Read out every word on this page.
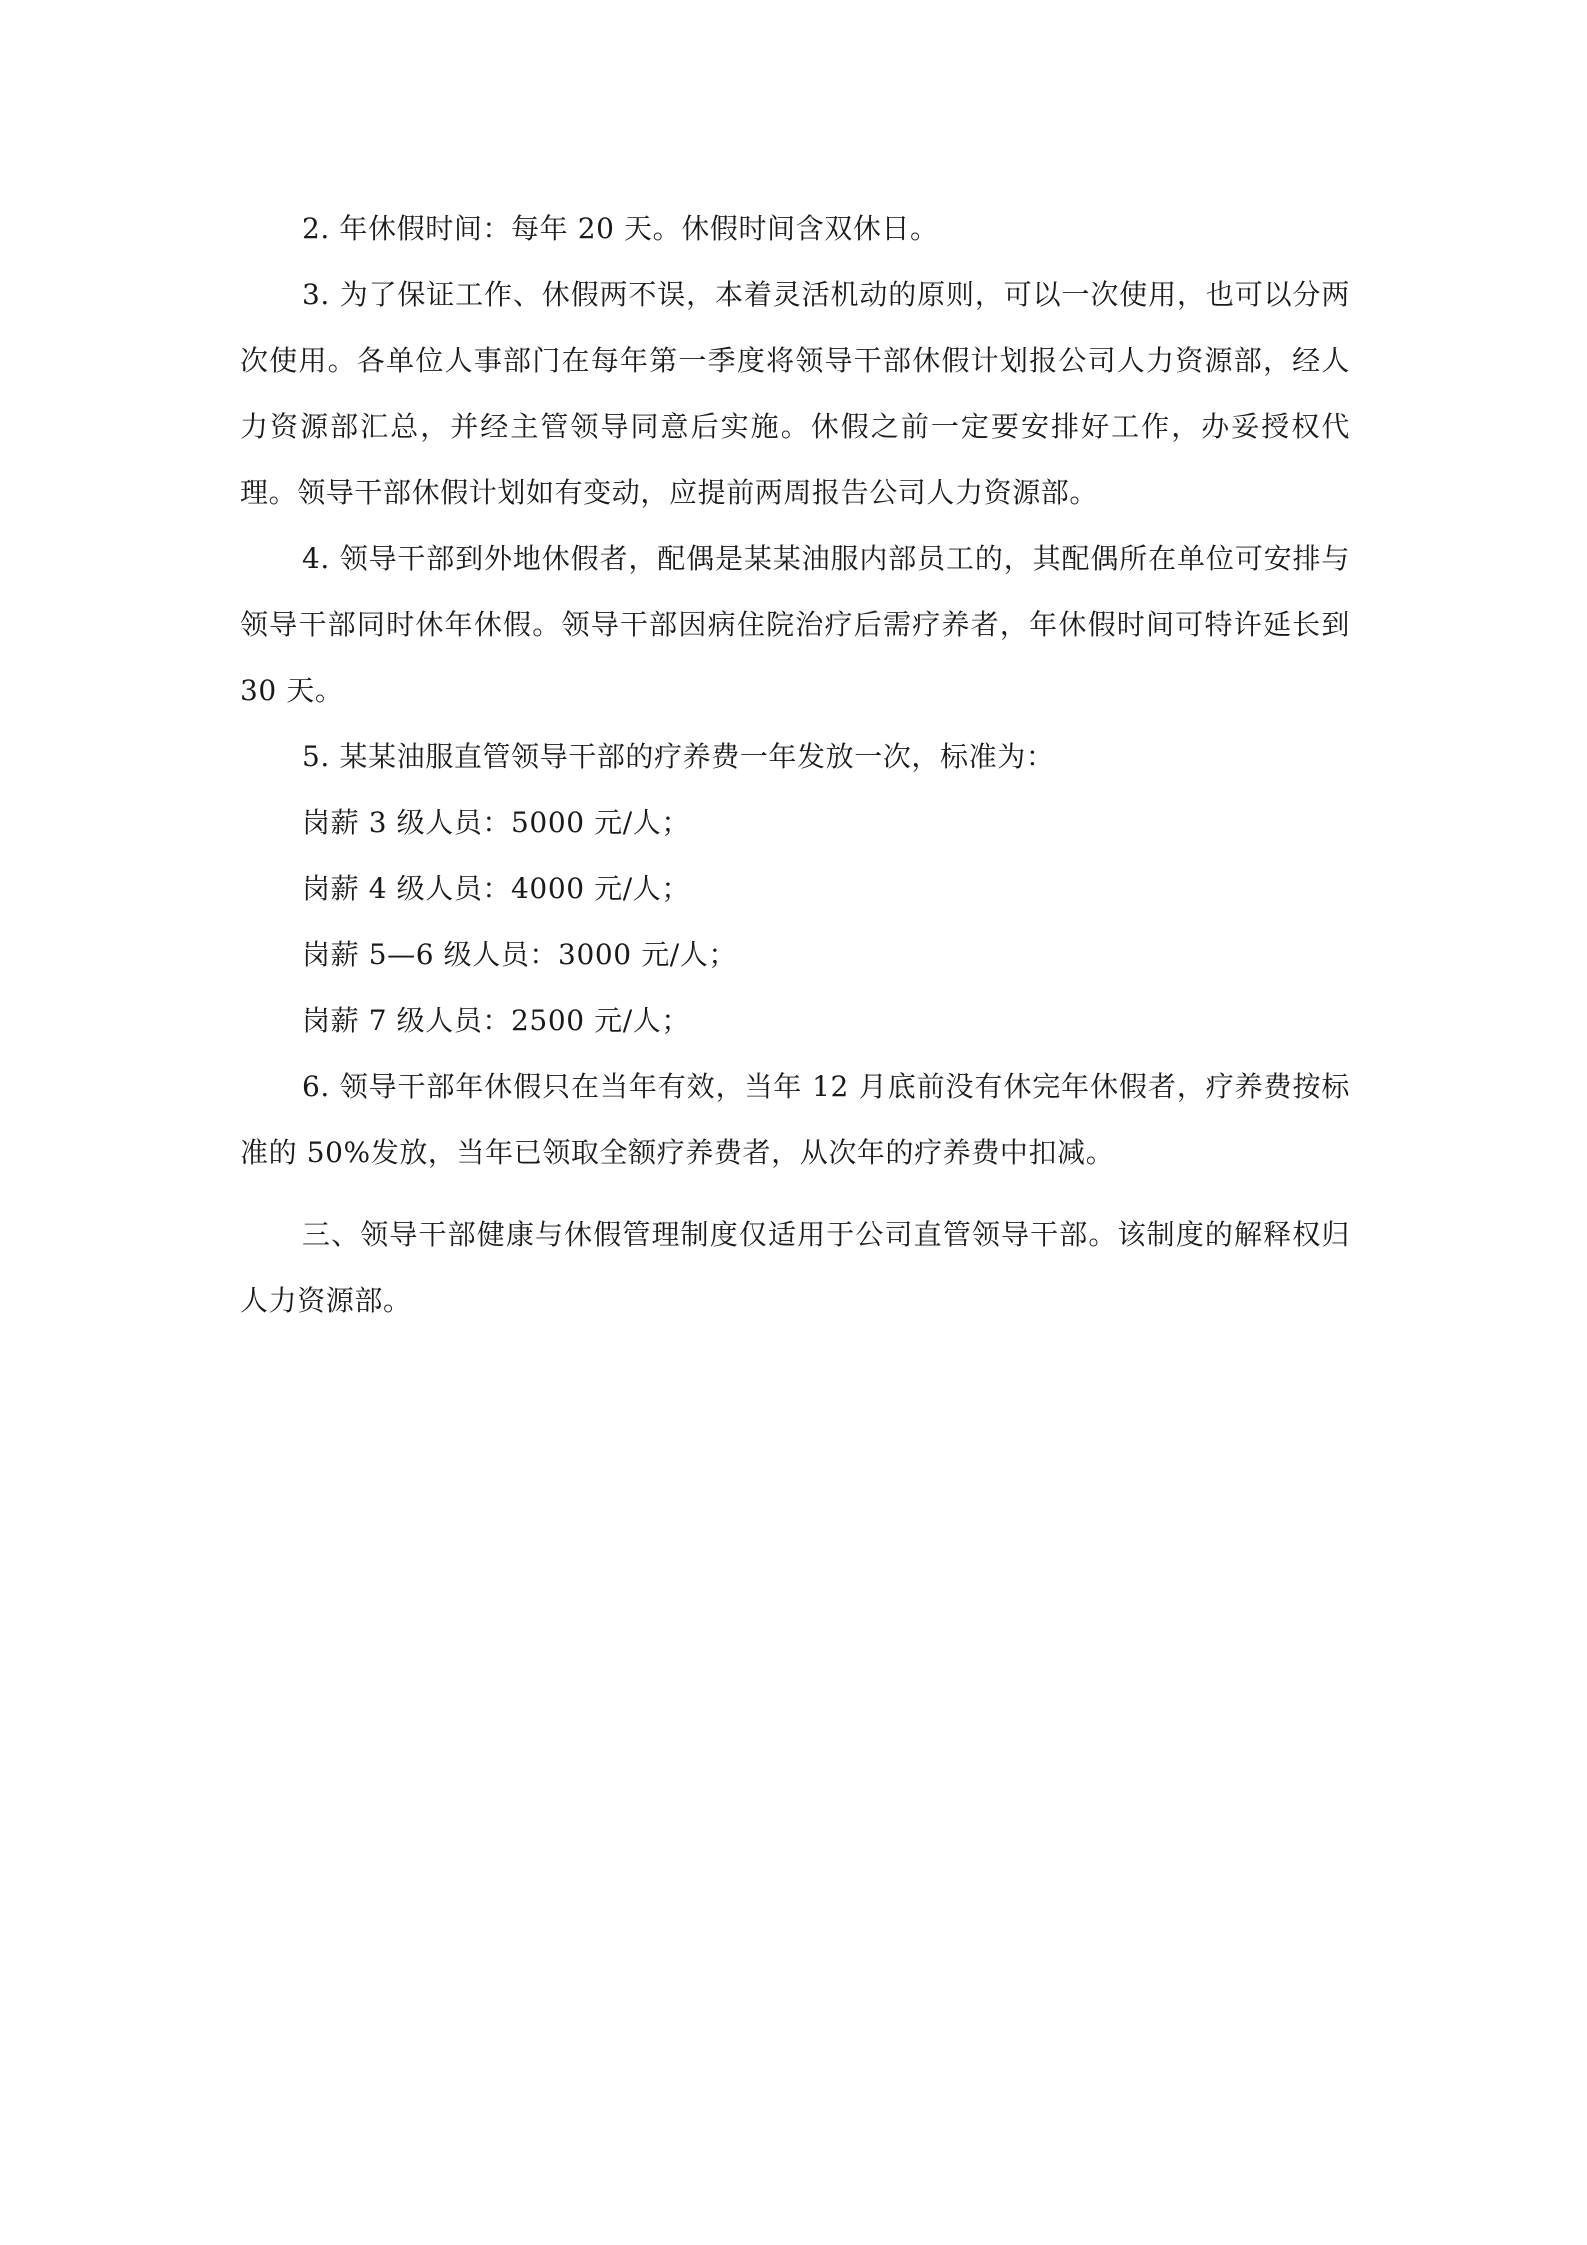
2. 年休假时间：每年 20 天。休假时间含双休日。

3. 为了保证工作、休假两不误，本着灵活机动的原则，可以一次使用，也可以分两次使用。各单位人事部门在每年第一季度将领导干部休假计划报公司人力资源部，经人力资源部汇总，并经主管领导同意后实施。休假之前一定要安排好工作，办妥授权代理。领导干部休假计划如有变动，应提前两周报告公司人力资源部。

4. 领导干部到外地休假者，配偶是某某油服内部员工的，其配偶所在单位可安排与领导干部同时休年休假。领导干部因病住院治疗后需疗养者，年休假时间可特许延长到 30 天。

5. 某某油服直管领导干部的疗养费一年发放一次，标准为：

岗薪 3 级人员：5000 元/人；

岗薪 4 级人员：4000 元/人；

岗薪 5—6 级人员：3000 元/人；

岗薪 7 级人员：2500 元/人；

6. 领导干部年休假只在当年有效，当年 12 月底前没有休完年休假者，疗养费按标准的 50%发放，当年已领取全额疗养费者，从次年的疗养费中扣减。

三、领导干部健康与休假管理制度仅适用于公司直管领导干部。该制度的解释权归人力资源部。
